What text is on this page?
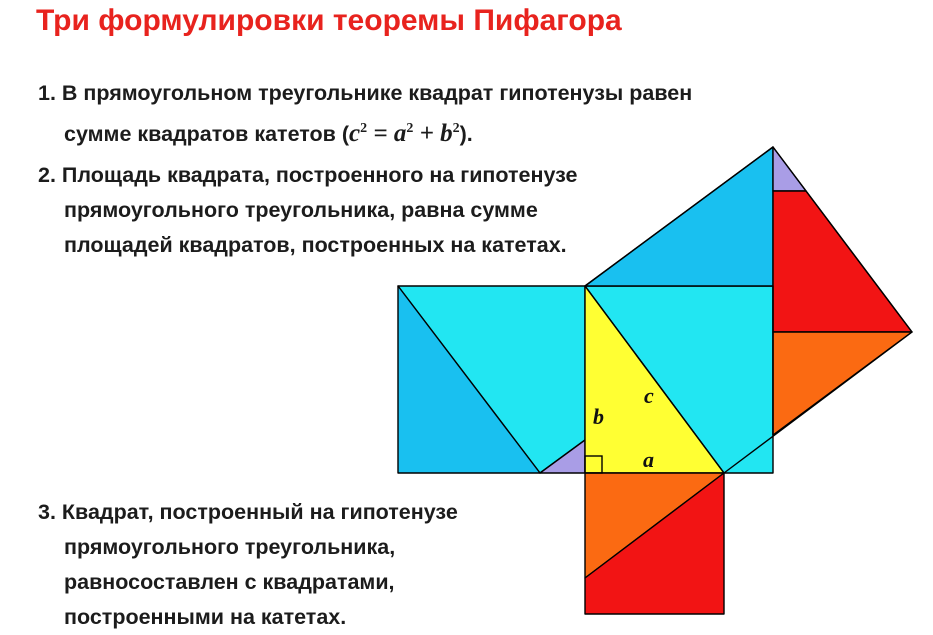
Три формулировки теоремы Пифагора
1. В прямоугольном треугольнике квадрат гипотенузы равен
сумме квадратов катетов $(c^2 = a^2 + b^2)$.
2. Площадь квадрата, построенного на гипотенузе
прямоугольного треугольника, равна сумме
площадей квадратов, построенных на катетах.
3. Квадрат, построенный на гипотенузе
прямоугольного треугольника,
равносоставлен с квадратами,
построенными на катетах.
b
c
a
